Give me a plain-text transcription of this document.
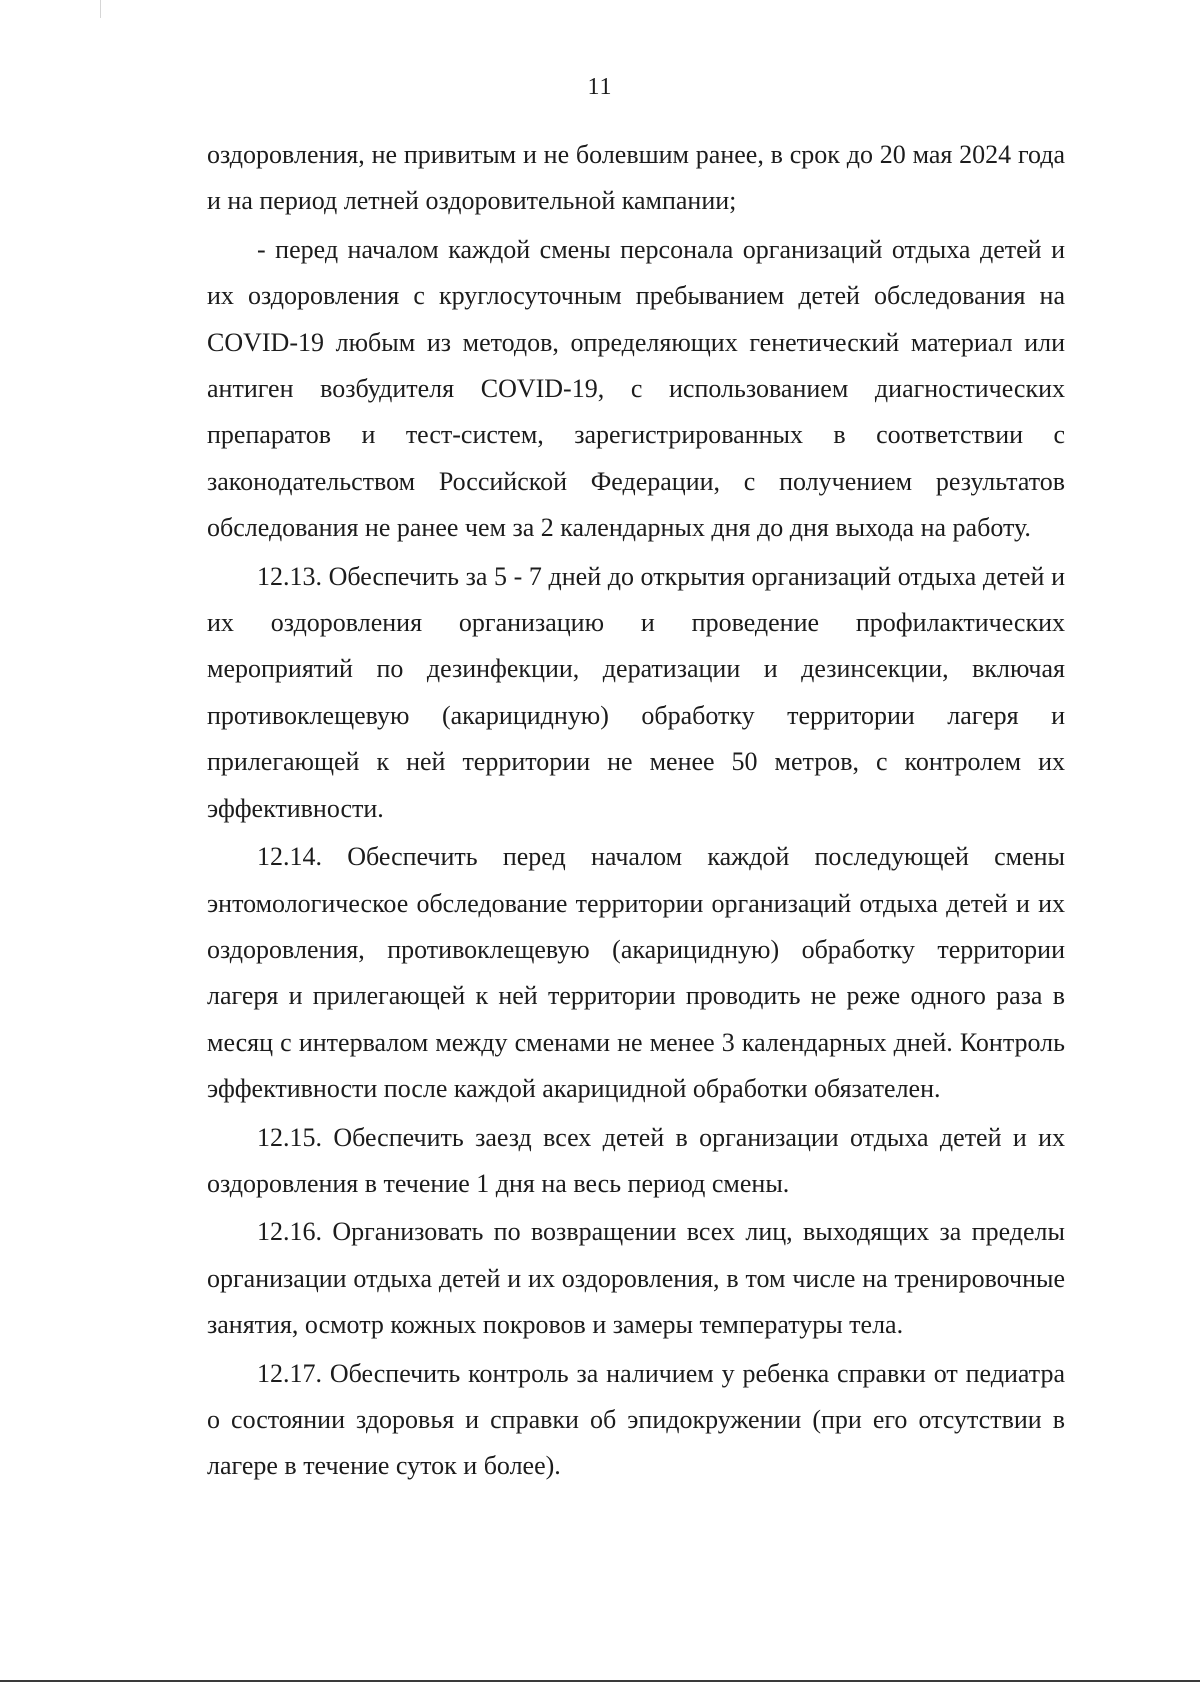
11

оздоровления, не привитым и не болевшим ранее, в срок до 20 мая 2024 года и на период летней оздоровительной кампании;

- перед началом каждой смены персонала организаций отдыха детей и их оздоровления с круглосуточным пребыванием детей обследования на COVID-19 любым из методов, определяющих генетический материал или антиген возбудителя COVID-19, с использованием диагностических препаратов и тест-систем, зарегистрированных в соответствии с законодательством Российской Федерации, с получением результатов обследования не ранее чем за 2 календарных дня до дня выхода на работу.

12.13. Обеспечить за 5 - 7 дней до открытия организаций отдыха детей и их оздоровления организацию и проведение профилактических мероприятий по дезинфекции, дератизации и дезинсекции, включая противоклещевую (акарицидную) обработку территории лагеря и прилегающей к ней территории не менее 50 метров, с контролем их эффективности.

12.14. Обеспечить перед началом каждой последующей смены энтомологическое обследование территории организаций отдыха детей и их оздоровления, противоклещевую (акарицидную) обработку территории лагеря и прилегающей к ней территории проводить не реже одного раза в месяц с интервалом между сменами не менее 3 календарных дней. Контроль эффективности после каждой акарицидной обработки обязателен.

12.15. Обеспечить заезд всех детей в организации отдыха детей и их оздоровления в течение 1 дня на весь период смены.

12.16. Организовать по возвращении всех лиц, выходящих за пределы организации отдыха детей и их оздоровления, в том числе на тренировочные занятия, осмотр кожных покровов и замеры температуры тела.

12.17. Обеспечить контроль за наличием у ребенка справки от педиатра о состоянии здоровья и справки об эпидокружении (при его отсутствии в лагере в течение суток и более).
